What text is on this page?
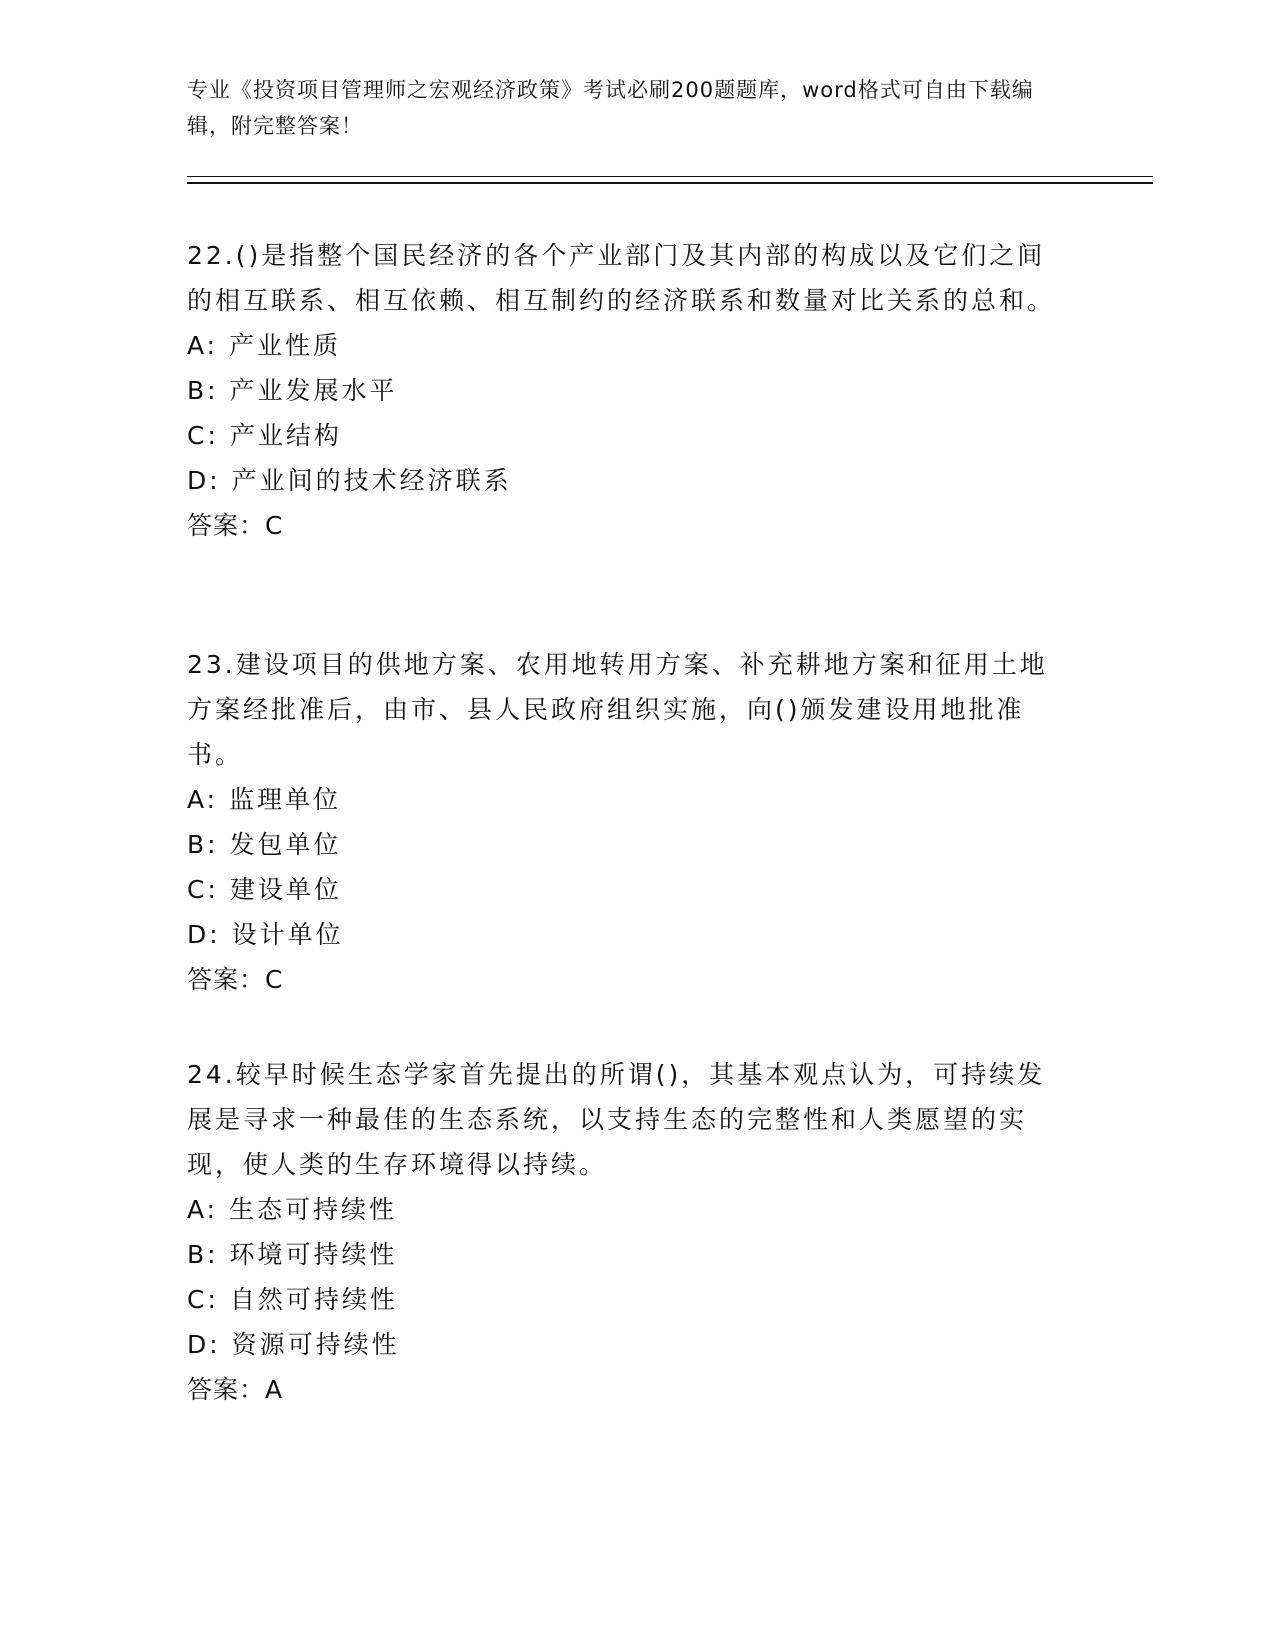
专业《投资项目管理师之宏观经济政策》考试必刷200题题库，word格式可自由下载编辑，附完整答案！

22.()是指整个国民经济的各个产业部门及其内部的构成以及它们之间的相互联系、相互依赖、相互制约的经济联系和数量对比关系的总和。

A: 产业性质
B: 产业发展水平
C: 产业结构
D: 产业间的技术经济联系
答案：C

23.建设项目的供地方案、农用地转用方案、补充耕地方案和征用土地方案经批准后，由市、县人民政府组织实施，向()颁发建设用地批准书。

A: 监理单位
B: 发包单位
C: 建设单位
D: 设计单位
答案：C

24.较早时候生态学家首先提出的所谓()，其基本观点认为，可持续发展是寻求一种最佳的生态系统，以支持生态的完整性和人类愿望的实现，使人类的生存环境得以持续。

A: 生态可持续性
B: 环境可持续性
C: 自然可持续性
D: 资源可持续性
答案：A
